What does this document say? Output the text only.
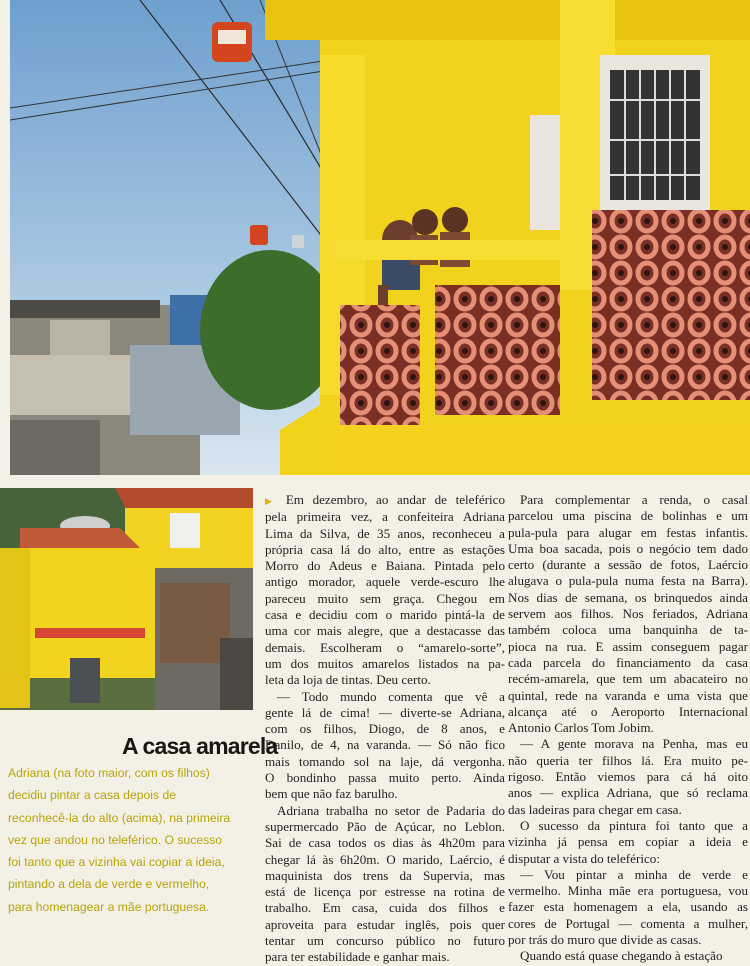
A casa amarela
Adriana (na foto maior, com os filhos)
decidiu pintar a casa depois de
reconhecê-la do alto (acima), na primeira
vez que andou no teleférico. O sucesso
foi tanto que a vizinha vai copiar a ideia,
pintando a dela de verde e vermelho,
para homenagear a mãe portuguesa.
▶ Em dezembro, ao andar de teleférico
pela primeira vez, a confeiteira Adriana
Lima da Silva, de 35 anos, reconheceu a
própria casa lá do alto, entre as estações
Morro do Adeus e Baiana. Pintada pelo
antigo morador, aquele verde-escuro lhe
pareceu muito sem graça. Chegou em
casa e decidiu com o marido pintá-la de
uma cor mais alegre, que a destacasse das
demais. Escolheram o “amarelo-sorte”,
um dos muitos amarelos listados na pa-
leta da loja de tintas. Deu certo.
— Todo mundo comenta que vê a
gente lá de cima! — diverte-se Adriana,
com os filhos, Diogo, de 8 anos, e
Danilo, de 4, na varanda. — Só não fico
mais tomando sol na laje, dá vergonha.
O bondinho passa muito perto. Ainda
bem que não faz barulho.
Adriana trabalha no setor de Padaria do
supermercado Pão de Açúcar, no Leblon.
Sai de casa todos os dias às 4h20m para
chegar lá às 6h20m. O marido, Laércio, é
maquinista dos trens da Supervia, mas
está de licença por estresse na rotina de
trabalho. Em casa, cuida dos filhos e
aproveita para estudar inglês, pois quer
tentar um concurso público no futuro
para ter estabilidade e ganhar mais.
Para complementar a renda, o casal
parcelou uma piscina de bolinhas e um
pula-pula para alugar em festas infantis.
Uma boa sacada, pois o negócio tem dado
certo (durante a sessão de fotos, Laércio
alugava o pula-pula numa festa na Barra).
Nos dias de semana, os brinquedos ainda
servem aos filhos. Nos feriados, Adriana
também coloca uma banquinha de ta-
pioca na rua. E assim conseguem pagar
cada parcela do financiamento da casa
recém-amarela, que tem um abacateiro no
quintal, rede na varanda e uma vista que
alcança até o Aeroporto Internacional
Antonio Carlos Tom Jobim.
— A gente morava na Penha, mas eu
não queria ter filhos lá. Era muito pe-
rigoso. Então viemos para cá há oito
anos — explica Adriana, que só reclama
das ladeiras para chegar em casa.
O sucesso da pintura foi tanto que a
vizinha já pensa em copiar a ideia e
disputar a vista do teleférico:
— Vou pintar a minha de verde e
vermelho. Minha mãe era portuguesa, vou
fazer esta homenagem a ela, usando as
cores de Portugal — comenta a mulher,
por trás do muro que divide as casas.
Quando está quase chegando à estação
